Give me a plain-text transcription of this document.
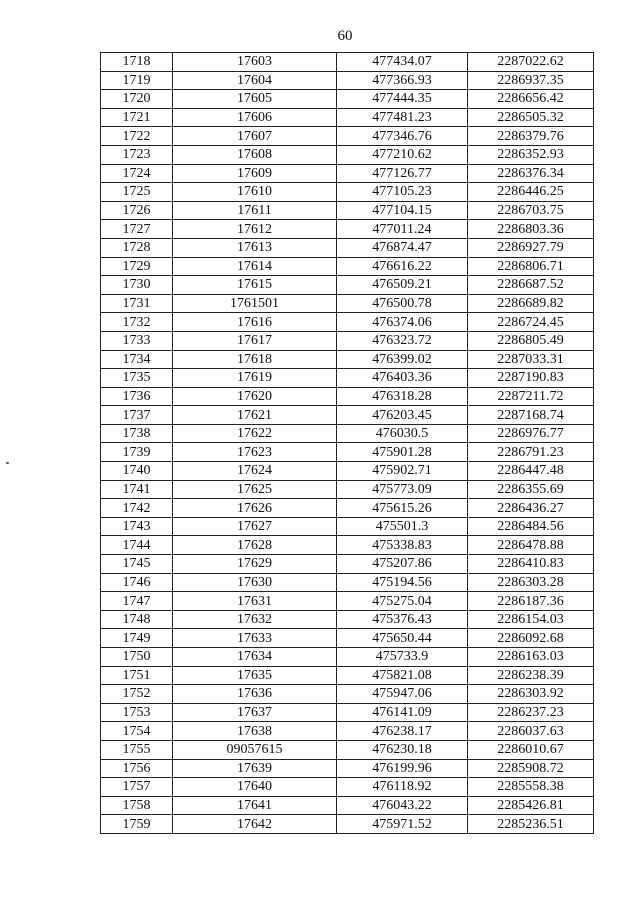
60
1718	17603	477434.07	2287022.62
1719	17604	477366.93	2286937.35
1720	17605	477444.35	2286656.42
1721	17606	477481.23	2286505.32
1722	17607	477346.76	2286379.76
1723	17608	477210.62	2286352.93
1724	17609	477126.77	2286376.34
1725	17610	477105.23	2286446.25
1726	17611	477104.15	2286703.75
1727	17612	477011.24	2286803.36
1728	17613	476874.47	2286927.79
1729	17614	476616.22	2286806.71
1730	17615	476509.21	2286687.52
1731	1761501	476500.78	2286689.82
1732	17616	476374.06	2286724.45
1733	17617	476323.72	2286805.49
1734	17618	476399.02	2287033.31
1735	17619	476403.36	2287190.83
1736	17620	476318.28	2287211.72
1737	17621	476203.45	2287168.74
1738	17622	476030.5	2286976.77
1739	17623	475901.28	2286791.23
1740	17624	475902.71	2286447.48
1741	17625	475773.09	2286355.69
1742	17626	475615.26	2286436.27
1743	17627	475501.3	2286484.56
1744	17628	475338.83	2286478.88
1745	17629	475207.86	2286410.83
1746	17630	475194.56	2286303.28
1747	17631	475275.04	2286187.36
1748	17632	475376.43	2286154.03
1749	17633	475650.44	2286092.68
1750	17634	475733.9	2286163.03
1751	17635	475821.08	2286238.39
1752	17636	475947.06	2286303.92
1753	17637	476141.09	2286237.23
1754	17638	476238.17	2286037.63
1755	09057615	476230.18	2286010.67
1756	17639	476199.96	2285908.72
1757	17640	476118.92	2285558.38
1758	17641	476043.22	2285426.81
1759	17642	475971.52	2285236.51
